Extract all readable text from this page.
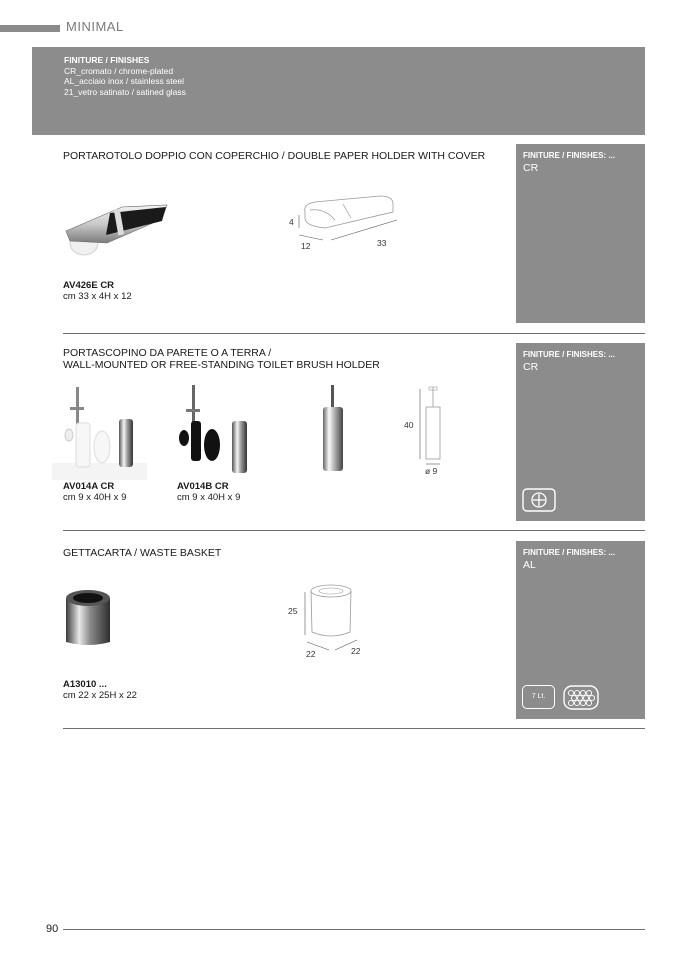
MINIMAL
FINITURE / FINISHES
CR_cromato / chrome-plated
AL_acciaio inox / stainless steel
21_vetro satinato / satined glass
PORTAROTOLO DOPPIO CON COPERCHIO / DOUBLE PAPER HOLDER WITH COVER	FINITURE / FINISHES: ...
CR
4
12	33
AV426E CR
cm 33 x 4H x 12
PORTASCOPINO DA PARETE O A TERRA /
WALL-MOUNTED OR FREE-STANDING TOILET BRUSH HOLDER
FINITURE / FINISHES: ...
CR
40
ø 9
AV014A CR
cm 9 x 40H x 9
AV014B CR
cm 9 x 40H x 9
GETTACARTA / WASTE BASKET	FINITURE / FINISHES: ...
AL
7 Lt.
25
22	22
A13010 ...
cm 22 x 25H x 22
90
